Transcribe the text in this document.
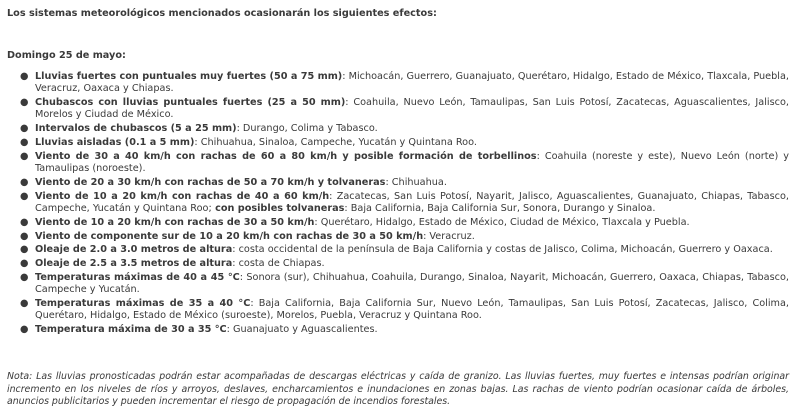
Los sistemas meteorológicos mencionados ocasionarán los siguientes efectos:

Domingo 25 de mayo:

● Lluvias fuertes con puntuales muy fuertes (50 a 75 mm): Michoacán, Guerrero, Guanajuato, Querétaro, Hidalgo, Estado de México, Tlaxcala, Puebla, Veracruz, Oaxaca y Chiapas.
● Chubascos con lluvias puntuales fuertes (25 a 50 mm): Coahuila, Nuevo León, Tamaulipas, San Luis Potosí, Zacatecas, Aguascalientes, Jalisco, Morelos y Ciudad de México.
● Intervalos de chubascos (5 a 25 mm): Durango, Colima y Tabasco.
● Lluvias aisladas (0.1 a 5 mm): Chihuahua, Sinaloa, Campeche, Yucatán y Quintana Roo.
● Viento de 30 a 40 km/h con rachas de 60 a 80 km/h y posible formación de torbellinos: Coahuila (noreste y este), Nuevo León (norte) y Tamaulipas (noroeste).
● Viento de 20 a 30 km/h con rachas de 50 a 70 km/h y tolvaneras: Chihuahua.
● Viento de 10 a 20 km/h con rachas de 40 a 60 km/h: Zacatecas, San Luis Potosí, Nayarit, Jalisco, Aguascalientes, Guanajuato, Chiapas, Tabasco, Campeche, Yucatán y Quintana Roo; con posibles tolvaneras: Baja California, Baja California Sur, Sonora, Durango y Sinaloa.
● Viento de 10 a 20 km/h con rachas de 30 a 50 km/h: Querétaro, Hidalgo, Estado de México, Ciudad de México, Tlaxcala y Puebla.
● Viento de componente sur de 10 a 20 km/h con rachas de 30 a 50 km/h: Veracruz.
● Oleaje de 2.0 a 3.0 metros de altura: costa occidental de la península de Baja California y costas de Jalisco, Colima, Michoacán, Guerrero y Oaxaca.
● Oleaje de 2.5 a 3.5 metros de altura: costa de Chiapas.
● Temperaturas máximas de 40 a 45 °C: Sonora (sur), Chihuahua, Coahuila, Durango, Sinaloa, Nayarit, Michoacán, Guerrero, Oaxaca, Chiapas, Tabasco, Campeche y Yucatán.
● Temperaturas máximas de 35 a 40 °C: Baja California, Baja California Sur, Nuevo León, Tamaulipas, San Luis Potosí, Zacatecas, Jalisco, Colima, Querétaro, Hidalgo, Estado de México (suroeste), Morelos, Puebla, Veracruz y Quintana Roo.
● Temperatura máxima de 30 a 35 °C: Guanajuato y Aguascalientes.

Nota: Las lluvias pronosticadas podrán estar acompañadas de descargas eléctricas y caída de granizo. Las lluvias fuertes, muy fuertes e intensas podrían originar incremento en los niveles de ríos y arroyos, deslaves, encharcamientos e inundaciones en zonas bajas. Las rachas de viento podrían ocasionar caída de árboles, anuncios publicitarios y pueden incrementar el riesgo de propagación de incendios forestales.
